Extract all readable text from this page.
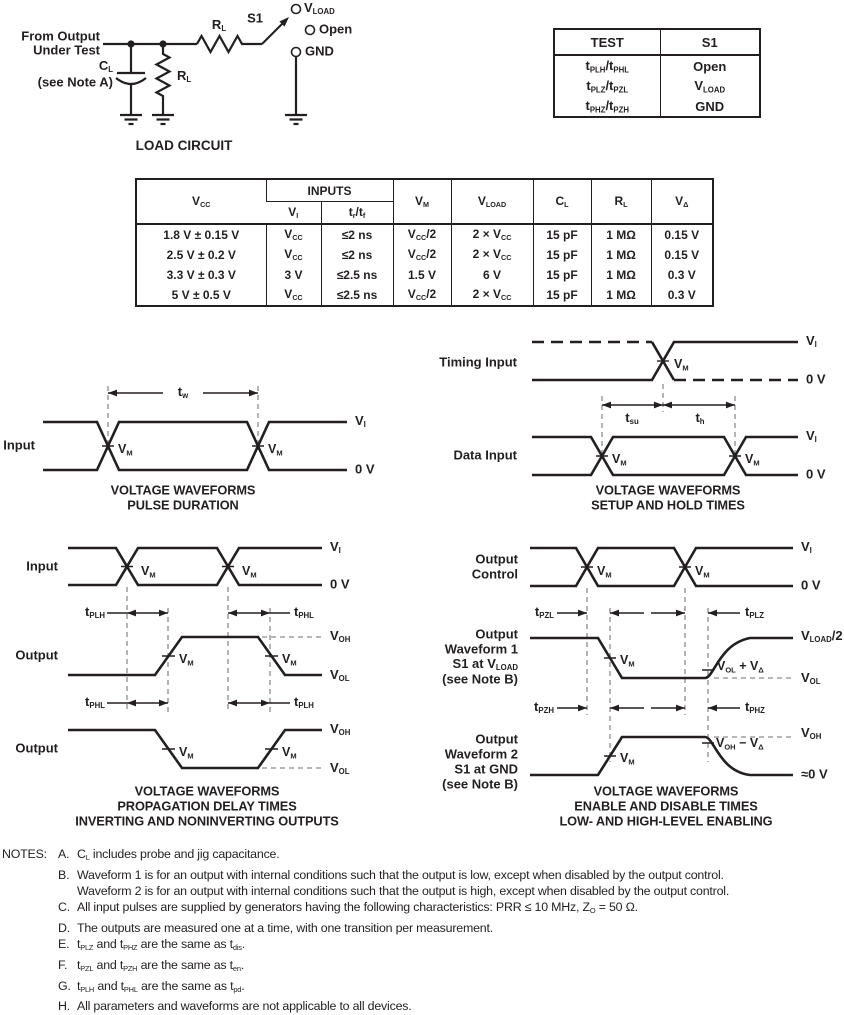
From Output
Under Test
$C_L$
(see Note A)	$R_L$
$R_L$
S1
$V_{LOAD}$
Open
GND
LOAD CIRCUIT
TEST	S1
$t_{PLH}/t_{PHL}$	Open
$t_{PLZ}/t_{PZL}$	$V_{LOAD}$
$t_{PHZ}/t_{PZH}$	GND
$V_{CC}$	INPUTS		$V_M$	$V_{LOAD}$	$C_L$	$R_L$	$V_\Delta$
	$V_I$	$t_r/t_f$
1.8 V ± 0.15 V	$V_{CC}$	≤2 ns	$V_{CC}/2$	$2 \times V_{CC}$	15 pF	1 MΩ	0.15 V
2.5 V ± 0.2 V	$V_{CC}$	≤2 ns	$V_{CC}/2$	$2 \times V_{CC}$	15 pF	1 MΩ	0.15 V
3.3 V ± 0.3 V	3 V	≤2.5 ns	1.5 V	6 V	15 pF	1 MΩ	0.3 V
5 V ± 0.5 V	$V_{CC}$	≤2.5 ns	$V_{CC}/2$	$2 \times V_{CC}$	15 pF	1 MΩ	0.3 V
Input
$t_w$
$V_M$	$V_M$
$V_I$
0 V
VOLTAGE WAVEFORMS
PULSE DURATION
Timing Input
Data Input
$t_{su}$	$t_h$
$V_M$
$V_M$	$V_M$
$V_I$
0 V
$V_I$
0 V
VOLTAGE WAVEFORMS
SETUP AND HOLD TIMES
Input	$V_M$	$V_M$
$V_I$
0 V
$t_{PLH}$	$t_{PHL}$
Output	$V_M$	$V_M$
$V_{OH}$
$V_{OL}$
$t_{PHL}$	$t_{PLH}$
Output	$V_M$	$V_M$
$V_{OH}$
$V_{OL}$
VOLTAGE WAVEFORMS
PROPAGATION DELAY TIMES
INVERTING AND NONINVERTING OUTPUTS
Output
Control	$V_M$	$V_M$
$V_I$
0 V
$t_{PZL}$	$t_{PLZ}$
Output
Waveform 1
S1 at $V_{LOAD}$
(see Note B)
$V_M$	$V_{OL} + V_\Delta$
$V_{LOAD}/2$
$V_{OL}$
$t_{PZH}$	$t_{PHZ}$
Output
Waveform 2
S1 at GND
(see Note B)
$V_M$
$V_{OH} - V_\Delta$
$V_{OH}$
≈0 V
VOLTAGE WAVEFORMS
ENABLE AND DISABLE TIMES
LOW- AND HIGH-LEVEL ENABLING
NOTES: A. $C_L$ includes probe and jig capacitance.
B. Waveform 1 is for an output with internal conditions such that the output is low, except when disabled by the output control.
Waveform 2 is for an output with internal conditions such that the output is high, except when disabled by the output control.
C. All input pulses are supplied by generators having the following characteristics: PRR ≤ 10 MHz, $Z_O = 50$ Ω.
D. The outputs are measured one at a time, with one transition per measurement.
E. $t_{PLZ}$ and $t_{PHZ}$ are the same as $t_{dis}$.
F. $t_{PZL}$ and $t_{PZH}$ are the same as $t_{en}$.
G. $t_{PLH}$ and $t_{PHL}$ are the same as $t_{pd}$.
H. All parameters and waveforms are not applicable to all devices.
